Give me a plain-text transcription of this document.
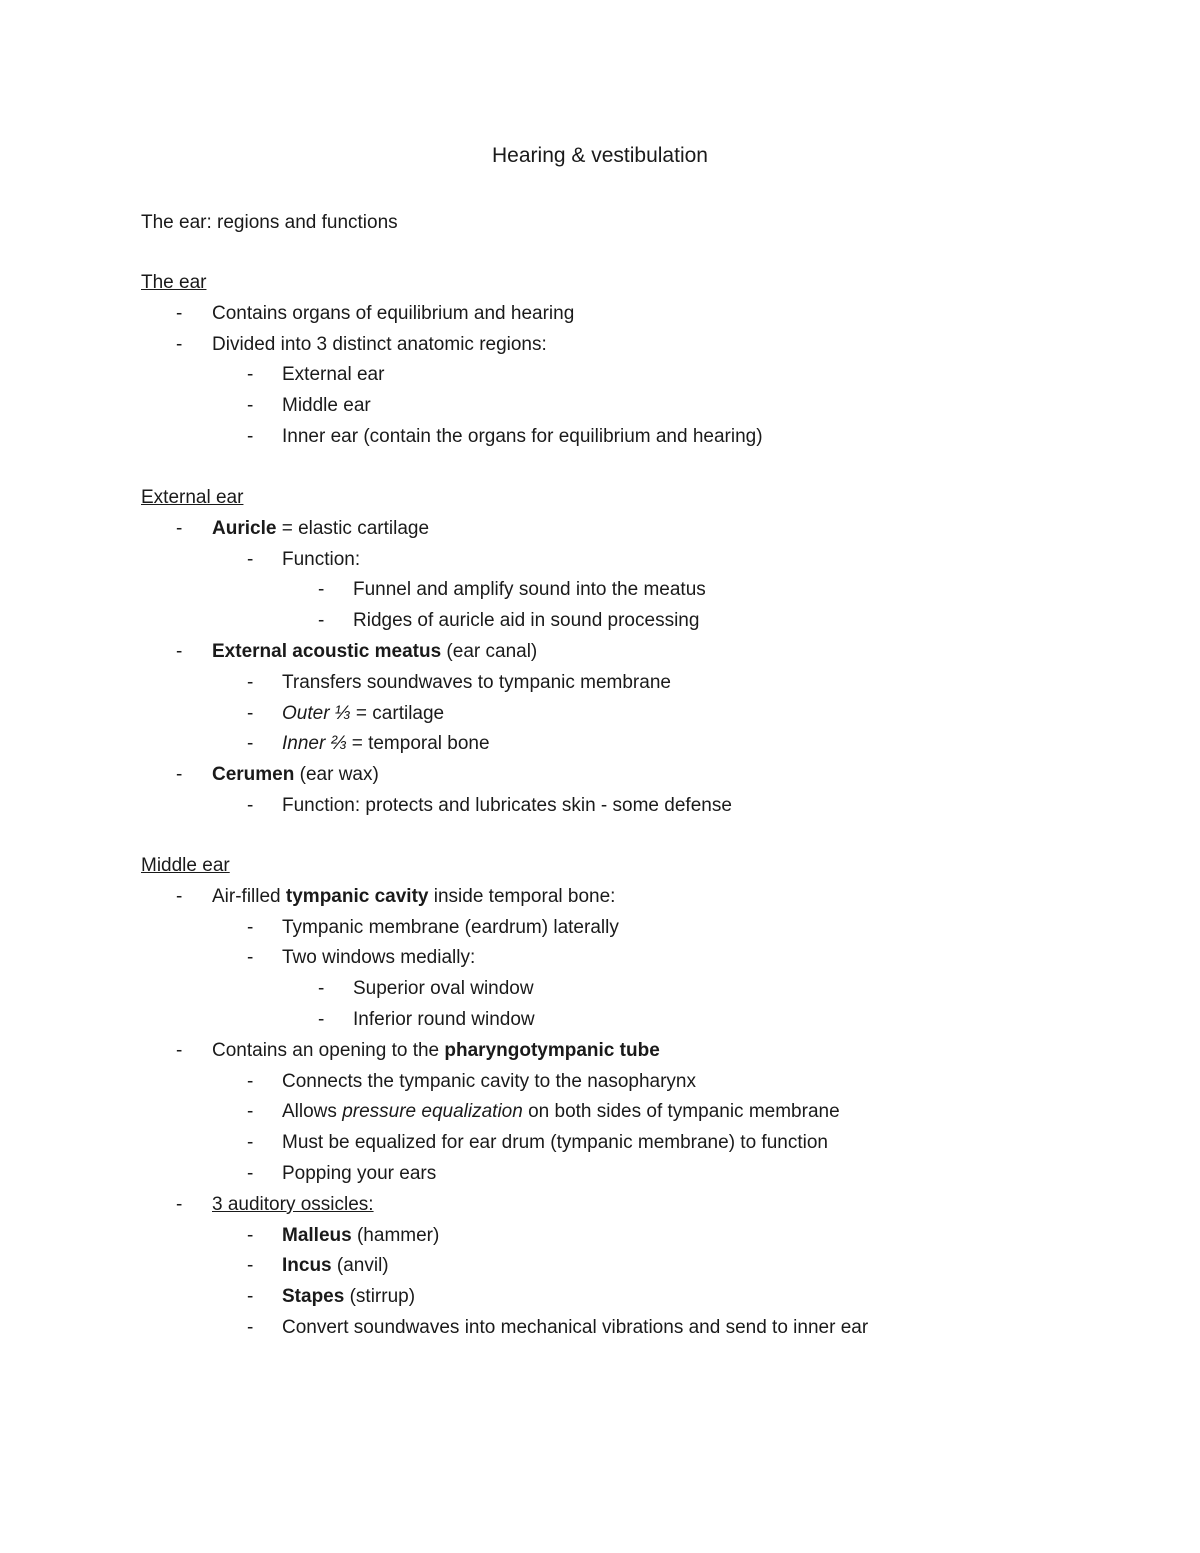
Hearing & vestibulation
The ear: regions and functions
The ear
- Contains organs of equilibrium and hearing
- Divided into 3 distinct anatomic regions:
- External ear
- Middle ear
- Inner ear (contain the organs for equilibrium and hearing)
External ear
- Auricle = elastic cartilage
- Function:
- Funnel and amplify sound into the meatus
- Ridges of auricle aid in sound processing
- External acoustic meatus (ear canal)
- Transfers soundwaves to tympanic membrane
- Outer ⅓ = cartilage
- Inner ⅔ = temporal bone
- Cerumen (ear wax)
- Function: protects and lubricates skin - some defense
Middle ear
- Air-filled tympanic cavity inside temporal bone:
- Tympanic membrane (eardrum) laterally
- Two windows medially:
- Superior oval window
- Inferior round window
- Contains an opening to the pharyngotympanic tube
- Connects the tympanic cavity to the nasopharynx
- Allows pressure equalization on both sides of tympanic membrane
- Must be equalized for ear drum (tympanic membrane) to function
- Popping your ears
- 3 auditory ossicles:
- Malleus (hammer)
- Incus (anvil)
- Stapes (stirrup)
- Convert soundwaves into mechanical vibrations and send to inner ear
